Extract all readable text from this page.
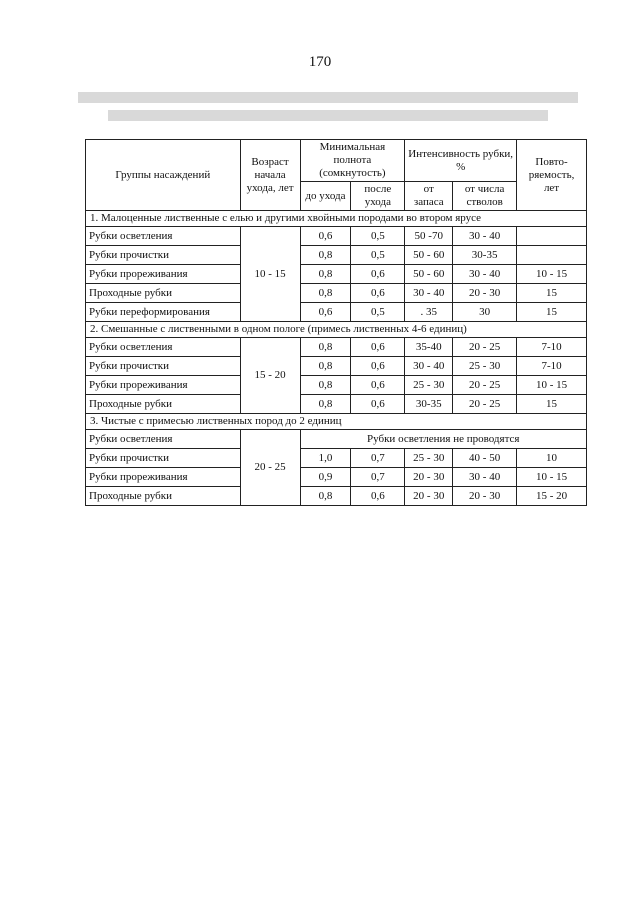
170
Группы насаждений	Возраст начала ухода, лет	Минимальная полнота (сомкнутость)		Интенсивность рубки, %		Повто-ряемость, лет
		до ухода	после ухода	от запаса	от числа стволов	
1. Малоценные лиственные с елью и другими хвойными породами во втором ярусе						
Рубки осветления	10 - 15	0,6	0,5	50 -70	30 - 40	
Рубки прочистки		0,8	0,5	50 - 60	30-35	
Рубки прореживания		0,8	0,6	50 - 60	30 - 40	10 - 15
Проходные рубки		0,8	0,6	30 - 40	20 - 30	15
Рубки переформирования		0,6	0,5	. 35	30	15
2. Смешанные с лиственными в одном пологе (примесь лиственных 4-6 единиц)						
Рубки осветления	15 - 20	0,8	0,6	35-40	20 - 25	7-10
Рубки прочистки		0,8	0,6	30 - 40	25 - 30	7-10
Рубки прореживания		0,8	0,6	25 - 30	20 - 25	10 - 15
Проходные рубки		0,8	0,6	30-35	20 - 25	15
3. Чистые с примесью лиственных пород до 2 единиц						
Рубки осветления	20 - 25	Рубки осветления не проводятся				
Рубки прочистки		1,0	0,7	25 - 30	40 - 50	10
Рубки прореживания		0,9	0,7	20 - 30	30 - 40	10 - 15
Проходные рубки		0,8	0,6	20 - 30	20 - 30	15 - 20
